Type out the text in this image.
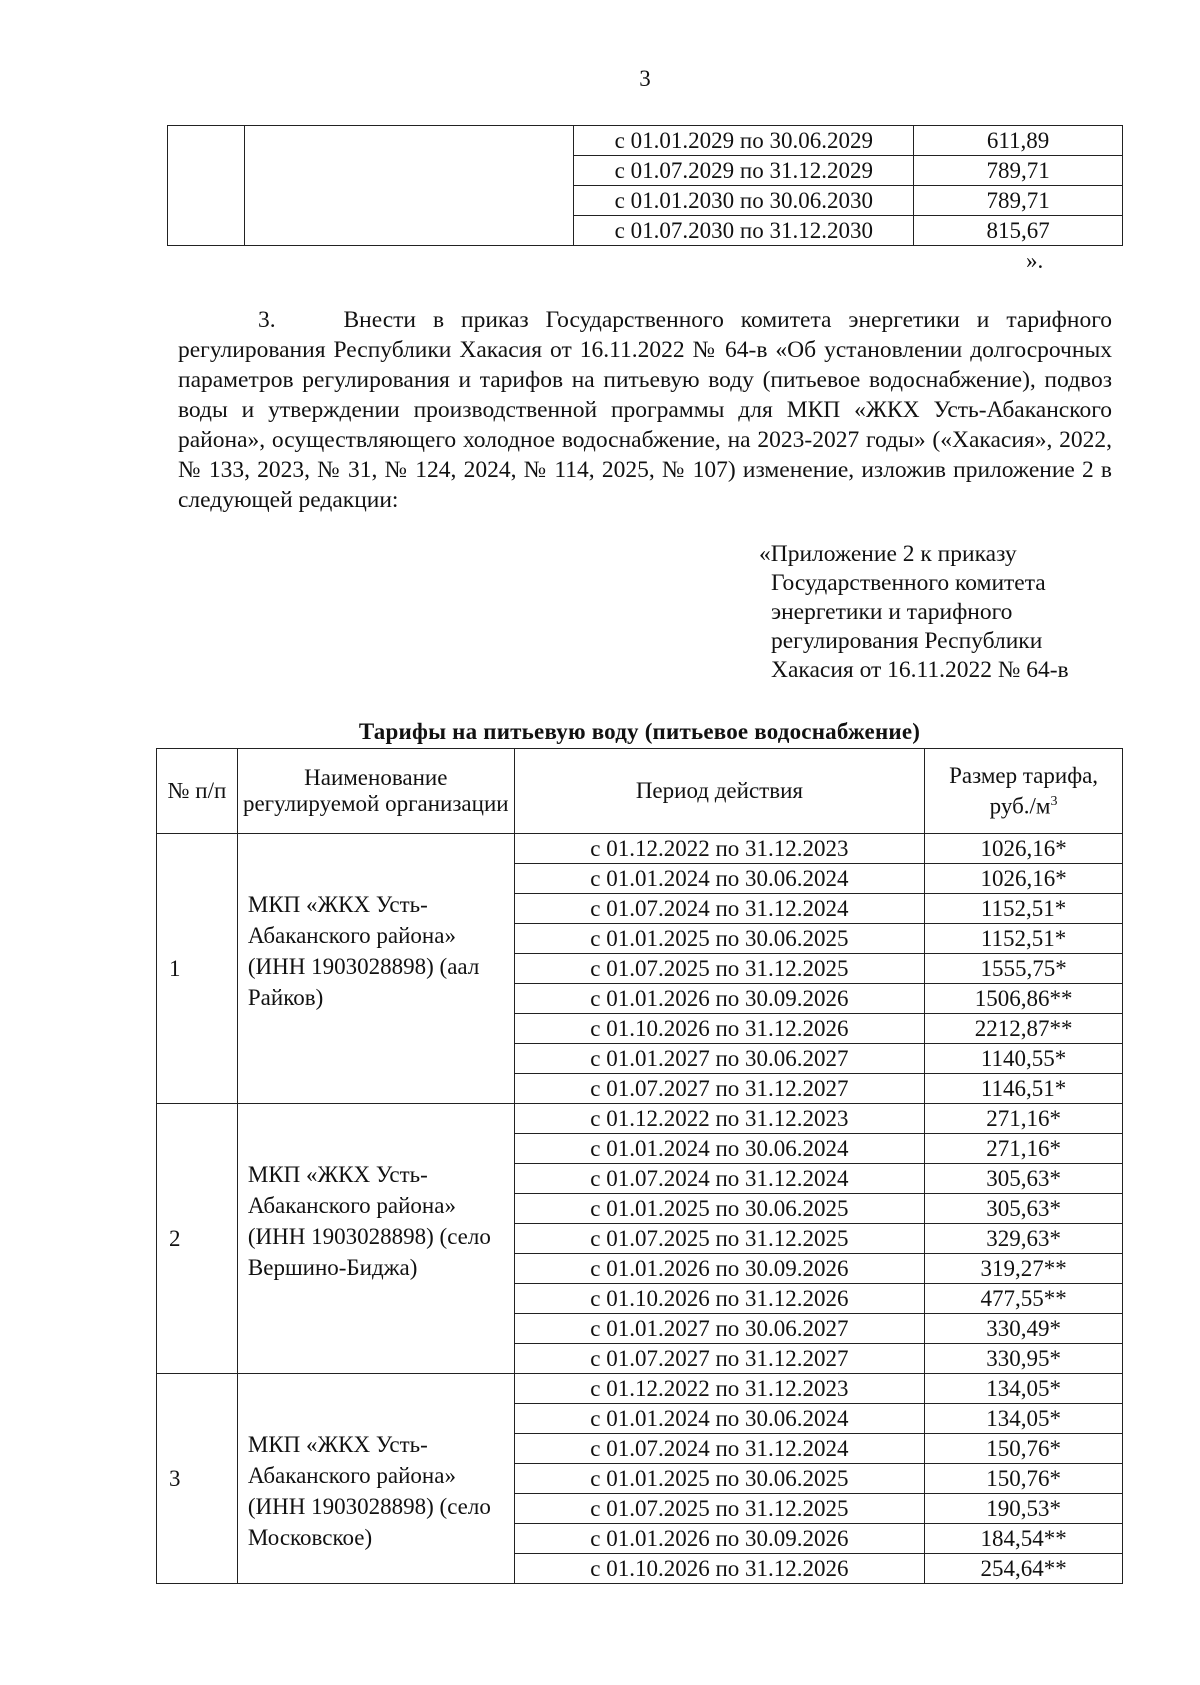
3
		с 01.01.2029 по 30.06.2029	611,89
		с 01.07.2029 по 31.12.2029	789,71
		с 01.01.2030 по 30.06.2030	789,71
		с 01.07.2030 по 31.12.2030	815,67
».

3.    Внести в приказ Государственного комитета энергетики и тарифного регулирования Республики Хакасия от 16.11.2022 № 64-в «Об установлении долгосрочных параметров регулирования и тарифов на питьевую воду (питьевое водоснабжение), подвоз воды и утверждении производственной программы для МКП «ЖКХ Усть-Абаканского района», осуществляющего холодное водоснабжение, на 2023-2027 годы» («Хакасия», 2022, № 133, 2023, № 31, № 124, 2024, № 114, 2025, № 107) изменение, изложив приложение 2 в следующей редакции:

«Приложение 2 к приказу
Государственного комитета
энергетики и тарифного
регулирования Республики
Хакасия от 16.11.2022 № 64-в
Тарифы на питьевую воду (питьевое водоснабжение)
№ п/п	Наименование регулируемой организации	Период действия	Размер тарифа, $руб./м^3$
1	МКП «ЖКХ Усть-Абаканского района» (ИНН 1903028898) (аал Райков)	с 01.12.2022 по 31.12.2023	1026,16*
		с 01.01.2024 по 30.06.2024	1026,16*
		с 01.07.2024 по 31.12.2024	1152,51*
		с 01.01.2025 по 30.06.2025	1152,51*
		с 01.07.2025 по 31.12.2025	1555,75*
		с 01.01.2026 по 30.09.2026	1506,86**
		с 01.10.2026 по 31.12.2026	2212,87**
		с 01.01.2027 по 30.06.2027	1140,55*
		с 01.07.2027 по 31.12.2027	1146,51*
2	МКП «ЖКХ Усть-Абаканского района» (ИНН 1903028898) (село Вершино-Биджа)	с 01.12.2022 по 31.12.2023	271,16*
		с 01.01.2024 по 30.06.2024	271,16*
		с 01.07.2024 по 31.12.2024	305,63*
		с 01.01.2025 по 30.06.2025	305,63*
		с 01.07.2025 по 31.12.2025	329,63*
		с 01.01.2026 по 30.09.2026	319,27**
		с 01.10.2026 по 31.12.2026	477,55**
		с 01.01.2027 по 30.06.2027	330,49*
		с 01.07.2027 по 31.12.2027	330,95*
3	МКП «ЖКХ Усть-Абаканского района» (ИНН 1903028898) (село Московское)	с 01.12.2022 по 31.12.2023	134,05*
		с 01.01.2024 по 30.06.2024	134,05*
		с 01.07.2024 по 31.12.2024	150,76*
		с 01.01.2025 по 30.06.2025	150,76*
		с 01.07.2025 по 31.12.2025	190,53*
		с 01.01.2026 по 30.09.2026	184,54**
		с 01.10.2026 по 31.12.2026	254,64**
